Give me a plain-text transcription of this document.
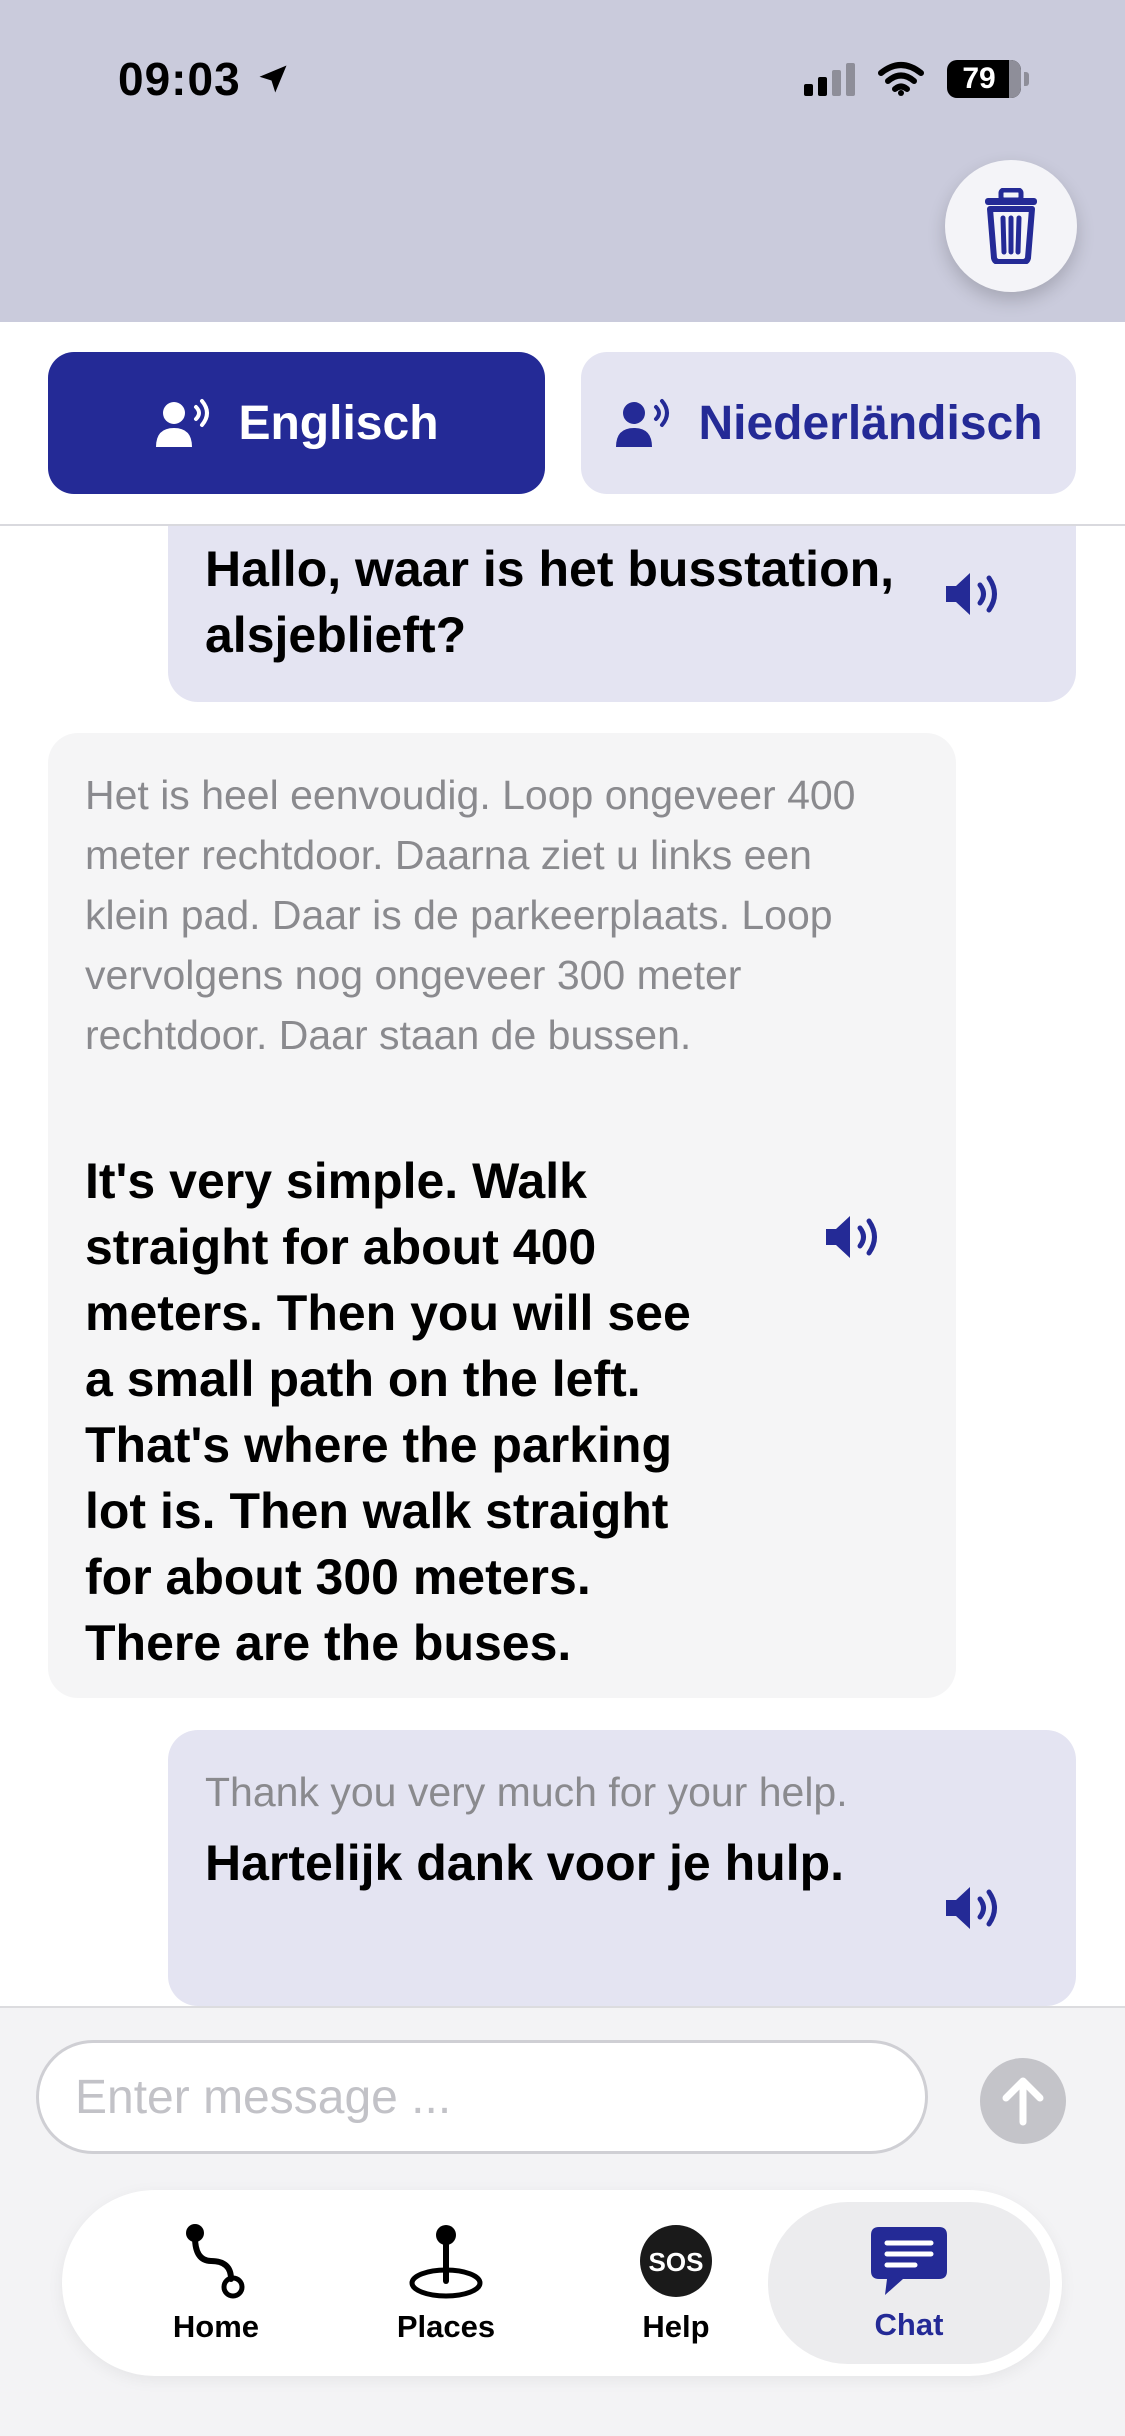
09:03	79
Englisch	Niederländisch
Hallo, waar is het busstation, alsjeblieft?
Het is heel eenvoudig. Loop ongeveer 400 meter rechtdoor. Daarna ziet u links een klein pad. Daar is de parkeerplaats. Loop vervolgens nog ongeveer 300 meter rechtdoor. Daar staan de bussen.
It's very simple. Walk straight for about 400 meters. Then you will see a small path on the left. That's where the parking lot is. Then walk straight for about 300 meters. There are the buses.
Thank you very much for your help.
Hartelijk dank voor je hulp.
Enter message ...
Home	Places
SOS
Help	Chat
